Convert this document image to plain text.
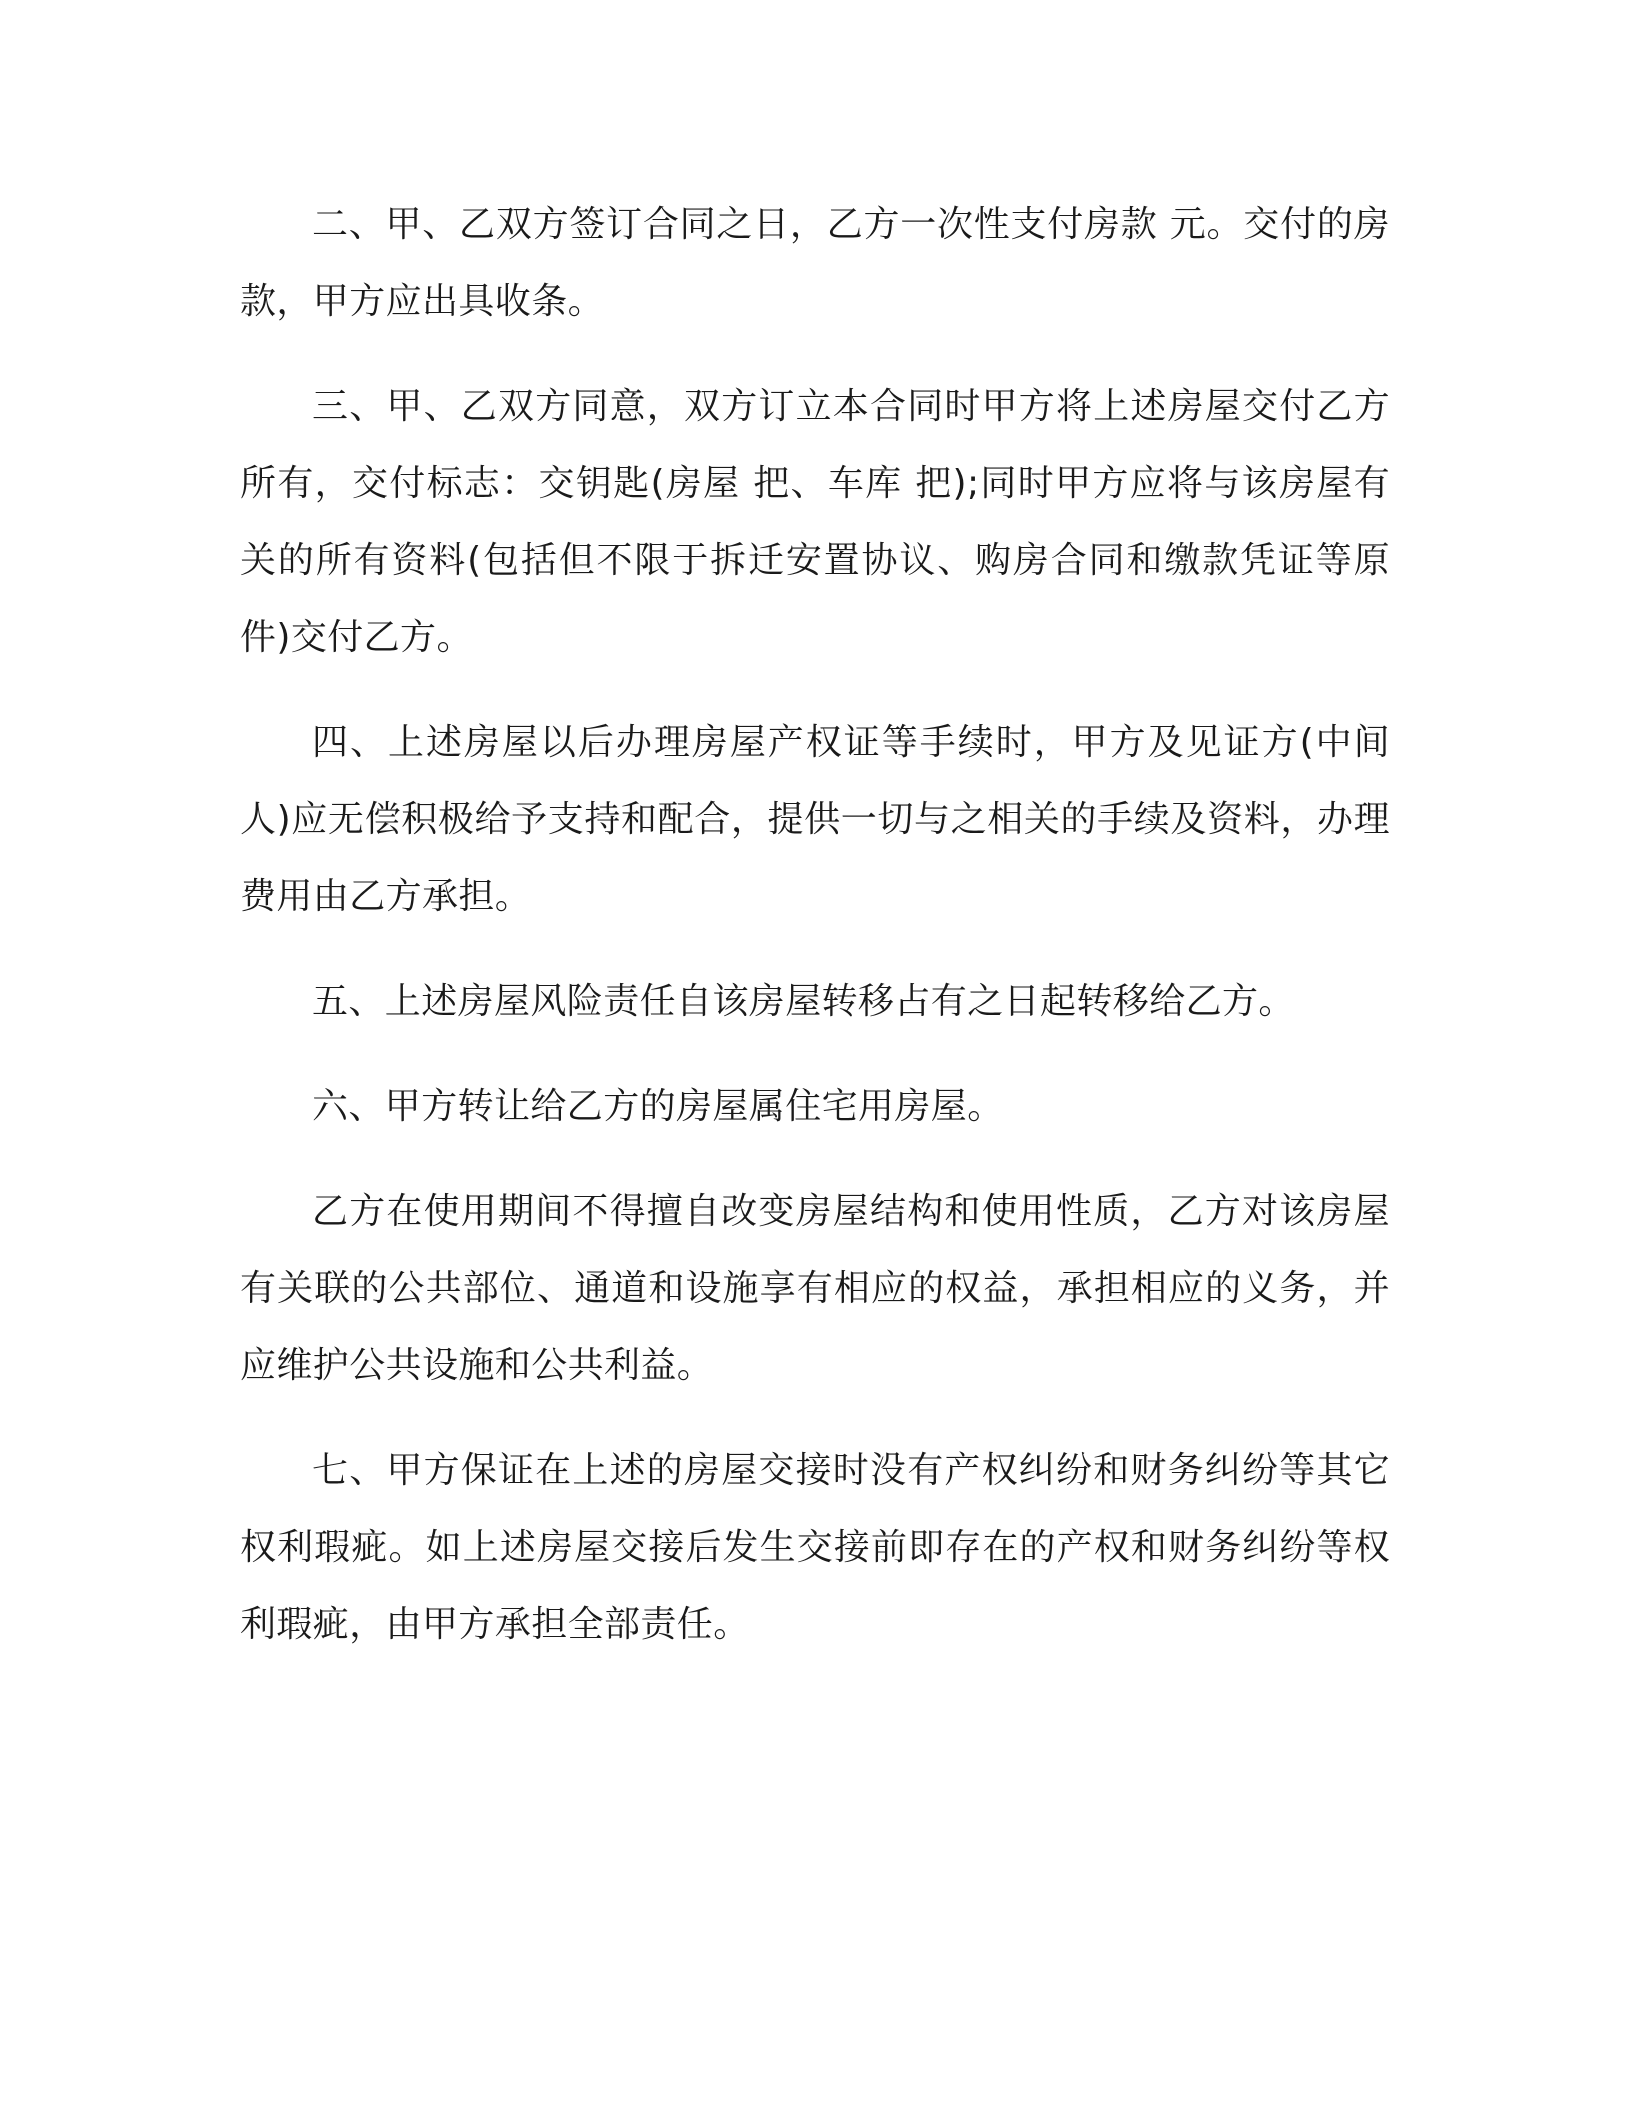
二、甲、乙双方签订合同之日，乙方一次性支付房款 元。交付的房款，甲方应出具收条。

三、甲、乙双方同意，双方订立本合同时甲方将上述房屋交付乙方所有，交付标志：交钥匙(房屋 把、车库 把);同时甲方应将与该房屋有关的所有资料(包括但不限于拆迁安置协议、购房合同和缴款凭证等原件)交付乙方。

四、上述房屋以后办理房屋产权证等手续时，甲方及见证方(中间人)应无偿积极给予支持和配合，提供一切与之相关的手续及资料，办理费用由乙方承担。

五、上述房屋风险责任自该房屋转移占有之日起转移给乙方。

六、甲方转让给乙方的房屋属住宅用房屋。

乙方在使用期间不得擅自改变房屋结构和使用性质，乙方对该房屋有关联的公共部位、通道和设施享有相应的权益，承担相应的义务，并应维护公共设施和公共利益。

七、甲方保证在上述的房屋交接时没有产权纠纷和财务纠纷等其它权利瑕疵。如上述房屋交接后发生交接前即存在的产权和财务纠纷等权利瑕疵，由甲方承担全部责任。
